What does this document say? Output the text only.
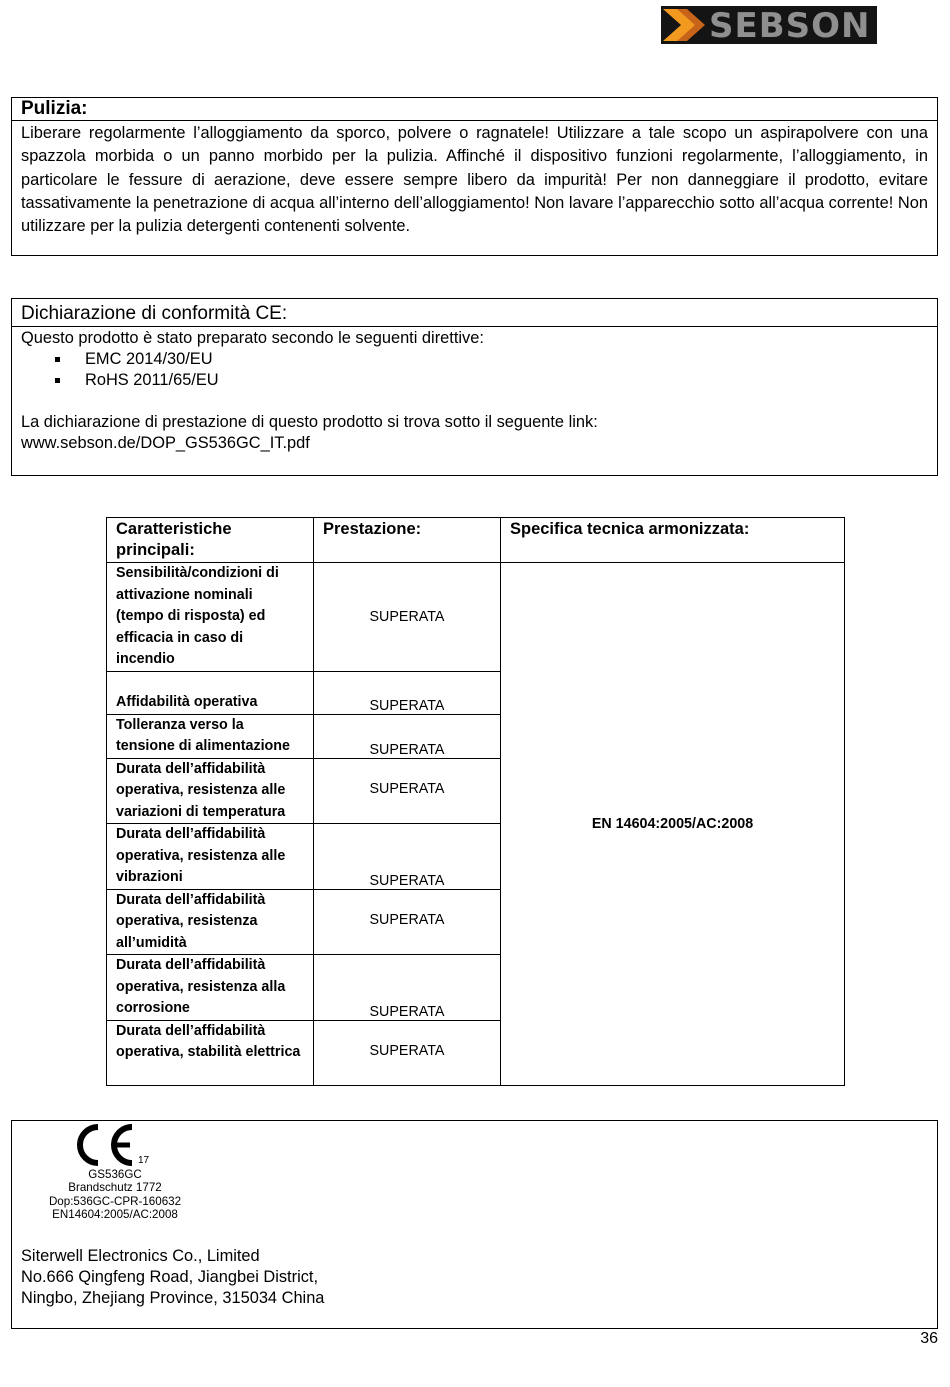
SEBSON
Pulizia:
Liberare regolarmente l’alloggiamento da sporco, polvere o ragnatele! Utilizzare a tale scopo un aspirapolvere con una spazzola morbida o un panno morbido per la pulizia. Affinché il dispositivo funzioni regolarmente, l’alloggiamento, in particolare le fessure di aerazione, deve essere sempre libero da impurità! Per non danneggiare il prodotto, evitare tassativamente la penetrazione di acqua all’interno dell’alloggiamento! Non lavare l’apparecchio sotto all’acqua corrente! Non utilizzare per la pulizia detergenti contenenti solvente.
Dichiarazione di conformità CE:
Questo prodotto è stato preparato secondo le seguenti direttive:
EMC 2014/30/EU
RoHS 2011/65/EU
La dichiarazione di prestazione di questo prodotto si trova sotto il seguente link:
www.sebson.de/DOP_GS536GC_IT.pdf
Caratteristiche principali:	Prestazione:	Specifica tecnica armonizzata:
Sensibilità/condizioni di attivazione nominali (tempo di risposta) ed efficacia in caso di incendio	SUPERATA	EN 14604:2005/AC:2008
Affidabilità operativa	SUPERATA	
Tolleranza verso la tensione di alimentazione	SUPERATA	
Durata dell’affidabilità operativa, resistenza alle variazioni di temperatura	SUPERATA	
Durata dell’affidabilità operativa, resistenza alle vibrazioni	SUPERATA	
Durata dell’affidabilità operativa, resistenza all’umidità	SUPERATA	
Durata dell’affidabilità operativa, resistenza alla corrosione	SUPERATA	
Durata dell’affidabilità operativa, stabilità elettrica	SUPERATA	
17
GS536GC
Brandschutz 1772
Dop:536GC-CPR-160632
EN14604:2005/AC:2008
Siterwell Electronics Co., Limited
No.666 Qingfeng Road, Jiangbei District,
Ningbo, Zhejiang Province, 315034 China
36
